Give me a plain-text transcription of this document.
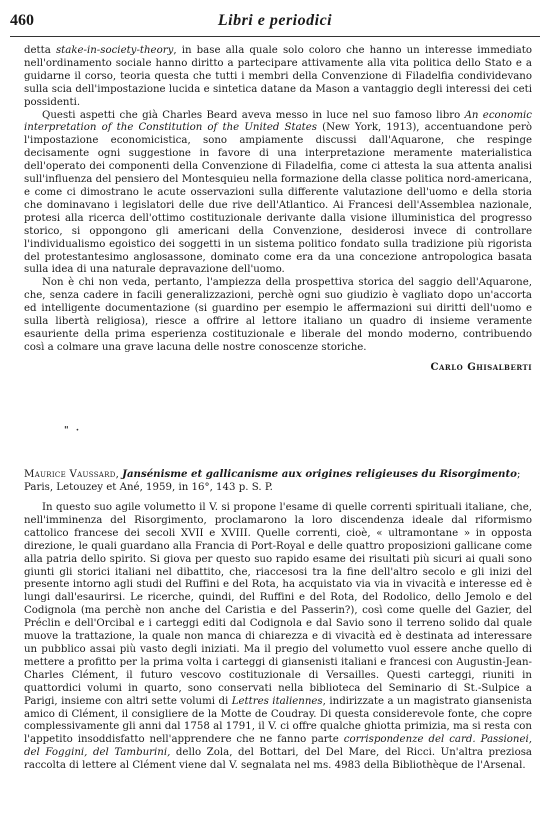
460	Libri e periodici

detta stake-in-society-theory, in base alla quale solo coloro che hanno un interesse immediato nell'ordinamento sociale hanno diritto a partecipare attivamente alla vita politica dello Stato e a guidarne il corso, teoria questa che tutti i membri della Convenzione di Filadelfia condividevano sulla scia dell'impostazione lucida e sintetica datane da Mason a vantaggio degli interessi dei ceti possidenti.

Questi aspetti che già Charles Beard aveva messo in luce nel suo famoso libro An economic interpretation of the Constitution of the United States (New York, 1913), accentuandone però l'impostazione economicistica, sono ampiamente discussi dall'Aquarone, che respinge decisamente ogni suggestione in favore di una interpretazione meramente materialistica dell'operato dei componenti della Convenzione di Filadelfia, come ci attesta la sua attenta analisi sull'influenza del pensiero del Montesquieu nella formazione della classe politica nord-americana, e come ci dimostrano le acute osservazioni sulla differente valutazione dell'uomo e della storia che dominavano i legislatori delle due rive dell'Atlantico. Ai Francesi dell'Assemblea nazionale, protesi alla ricerca dell'ottimo costituzionale derivante dalla visione illuministica del progresso storico, si oppongono gli americani della Convenzione, desiderosi invece di controllare l'individualismo egoistico dei soggetti in un sistema politico fondato sulla tradizione più rigorista del protestantesimo anglosassone, dominato come era da una concezione antropologica basata sulla idea di una naturale depravazione dell'uomo.

Non è chi non veda, pertanto, l'ampiezza della prospettiva storica del saggio dell'Aquarone, che, senza cadere in facili generalizzazioni, perchè ogni suo giudizio è vagliato dopo un'accorta ed intelligente documentazione (si guardino per esempio le affermazioni sui diritti dell'uomo e sulla libertà religiosa), riesce a offrire al lettore italiano un quadro di insieme veramente esauriente della prima esperienza costituzionale e liberale del mondo moderno, contribuendo così a colmare una grave lacuna delle nostre conoscenze storiche.

Carlo Ghisalberti

" ·

Maurice Vaussard, Jansénisme et gallicanisme aux origines religieuses du Risorgimento; Paris, Letouzey et Ané, 1959, in 16°, 143 p. S. P.

In questo suo agile volumetto il V. si propone l'esame di quelle correnti spirituali italiane, che, nell'imminenza del Risorgimento, proclamarono la loro discendenza ideale dal riformismo cattolico francese dei secoli XVII e XVIII. Quelle correnti, cioè, « ultramontane » in opposta direzione, le quali guardano alla Francia di Port-Royal e delle quattro proposizioni gallicane come alla patria dello spirito. Si giova per questo suo rapido esame dei risultati più sicuri ai quali sono giunti gli storici italiani nel dibattito, che, riaccesosi tra la fine dell'altro secolo e gli inizi del presente intorno agli studi del Ruffini e del Rota, ha acquistato via via in vivacità e interesse ed è lungi dall'esaurirsi. Le ricerche, quindi, del Ruffini e del Rota, del Rodolico, dello Jemolo e del Codignola (ma perchè non anche del Caristia e del Passerin?), così come quelle del Gazier, del Préclin e dell'Orcibal e i carteggi editi dal Codignola e dal Savio sono il terreno solido dal quale muove la trattazione, la quale non manca di chiarezza e di vivacità ed è destinata ad interessare un pubblico assai più vasto degli iniziati. Ma il pregio del volumetto vuol essere anche quello di mettere a profitto per la prima volta i carteggi di giansenisti italiani e francesi con Augustin-Jean-Charles Clément, il futuro vescovo costituzionale di Versailles. Questi carteggi, riuniti in quattordici volumi in quarto, sono conservati nella biblioteca del Seminario di St.-Sulpice a Parigi, insieme con altri sette volumi di Lettres italiennes, indirizzate a un magistrato giansenista amico di Clément, il consigliere de la Motte de Coudray. Di questa considerevole fonte, che copre complessivamente gli anni dal 1758 al 1791, il V. ci offre qualche ghiotta primizia, ma si resta con l'appetito insoddisfatto nell'apprendere che ne fanno parte corrispondenze del card. Passionei, del Foggini, del Tamburini, dello Zola, del Bottari, del Del Mare, del Ricci. Un'altra preziosa raccolta di lettere al Clément viene dal V. segnalata nel ms. 4983 della Bibliothèque de l'Arsenal.
